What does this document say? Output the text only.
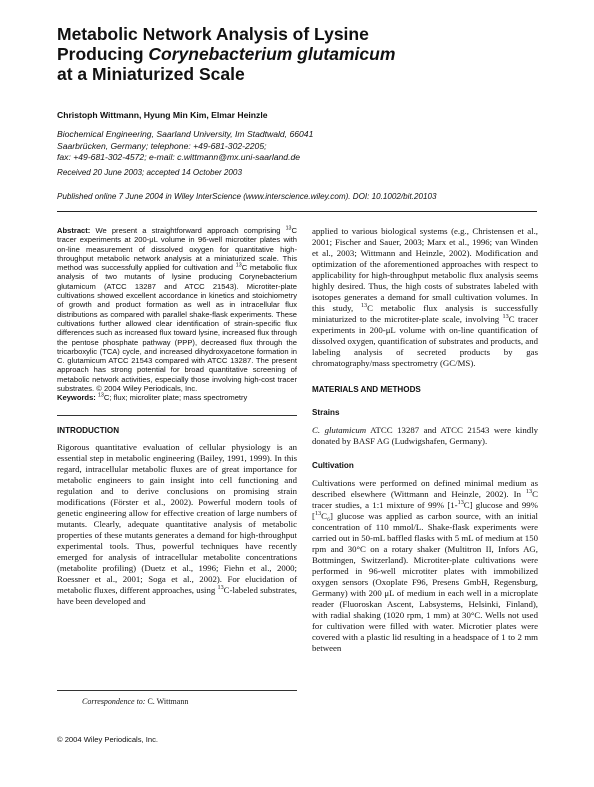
Metabolic Network Analysis of Lysine
Producing Corynebacterium glutamicum
at a Miniaturized Scale
Christoph Wittmann, Hyung Min Kim, Elmar Heinzle
Biochemical Engineering, Saarland University, Im Stadtwald, 66041
Saarbrücken, Germany; telephone: +49-681-302-2205;
fax: +49-681-302-4572; e-mail: c.wittmann@mx.uni-saarland.de
Received 20 June 2003; accepted 14 October 2003
Published online 7 June 2004 in Wiley InterScience (www.interscience.wiley.com). DOI: 10.1002/bit.20103

Abstract: We present a straightforward approach comprising $^{13}$C tracer experiments at 200-μL volume in 96-well microtiter plates with on-line measurement of dissolved oxygen for quantitative high-throughput metabolic network analysis at a miniaturized scale. This method was successfully applied for cultivation and $^{13}$C metabolic flux analysis of two mutants of lysine producing Corynebacterium glutamicum (ATCC 13287 and ATCC 21543). Microtiter-plate cultivations showed excellent accordance in kinetics and stoichiometry of growth and product formation as well as in intracellular flux distributions as compared with parallel shake-flask experiments. These cultivations further allowed clear identification of strain-specific flux differences such as increased flux toward lysine, increased flux through the pentose phosphate pathway (PPP), decreased flux through the tricarboxylic (TCA) cycle, and increased dihydroxyacetone formation in C. glutamicum ATCC 21543 compared with ATCC 13287. The present approach has strong potential for broad quantitative screening of metabolic network activities, especially those involving high-cost tracer substrates. © 2004 Wiley Periodicals, Inc.

Keywords: $^{13}$C; flux; microliter plate; mass spectrometry

INTRODUCTION

Rigorous quantitative evaluation of cellular physiology is an essential step in metabolic engineering (Bailey, 1991, 1999). In this regard, intracellular metabolic fluxes are of great importance for metabolic engineers to gain insight into cell functioning and regulation and to derive conclusions on promising strain modifications (Förster et al., 2002). Powerful modern tools of genetic engineering allow for effective creation of large numbers of mutants. Clearly, adequate quantitative analysis of metabolic properties of these mutants generates a demand for high-throughput experimental tools. Thus, powerful techniques have recently emerged for analysis of intracellular metabolite concentrations (metabolite profiling) (Duetz et al., 1996; Fiehn et al., 2000; Roessner et al., 2001; Soga et al., 2002). For elucidation of metabolic fluxes, different approaches, using $^{13}$C-labeled substrates, have been developed and

Correspondence to: C. Wittmann
© 2004 Wiley Periodicals, Inc.

applied to various biological systems (e.g., Christensen et al., 2001; Fischer and Sauer, 2003; Marx et al., 1996; van Winden et al., 2003; Wittmann and Heinzle, 2002). Modification and optimization of the aforementioned approaches with respect to applicability for high-throughput metabolic flux analysis seems highly desired. Thus, the high costs of substrates labeled with isotopes generates a demand for small cultivation volumes. In this study, $^{13}$C metabolic flux analysis is successfully miniaturized to the microtiter-plate scale, involving $^{13}$C tracer experiments in 200-μL volume with on-line quantification of dissolved oxygen, quantification of substrates and products, and labeling analysis of secreted products by gas chromatography/mass spectrometry (GC/MS).

MATERIALS AND METHODS
Strains

C. glutamicum ATCC 13287 and ATCC 21543 were kindly donated by BASF AG (Ludwigshafen, Germany).

Cultivation

Cultivations were performed on defined minimal medium as described elsewhere (Wittmann and Heinzle, 2002). In $^{13}$C tracer studies, a 1:1 mixture of 99% [1-$^{13}$C] glucose and 99% [$^{13}$C₆] glucose was applied as carbon source, with an initial concentration of 110 mmol/L. Shake-flask experiments were carried out in 50-mL baffled flasks with 5 mL of medium at 150 rpm and 30°C on a rotary shaker (Multitron II, Infors AG, Bottmingen, Switzerland). Microtiter-plate cultivations were performed in 96-well microtiter plates with immobilized oxygen sensors (Oxoplate F96, Presens GmbH, Regensburg, Germany) with 200 μL of medium in each well in a microplate reader (Fluoroskan Ascent, Labsystems, Helsinki, Finland), with radial shaking (1020 rpm, 1 mm) at 30°C. Wells not used for cultivation were filled with water. Microtier plates were covered with a plastic lid resulting in a headspace of 1 to 2 mm between
